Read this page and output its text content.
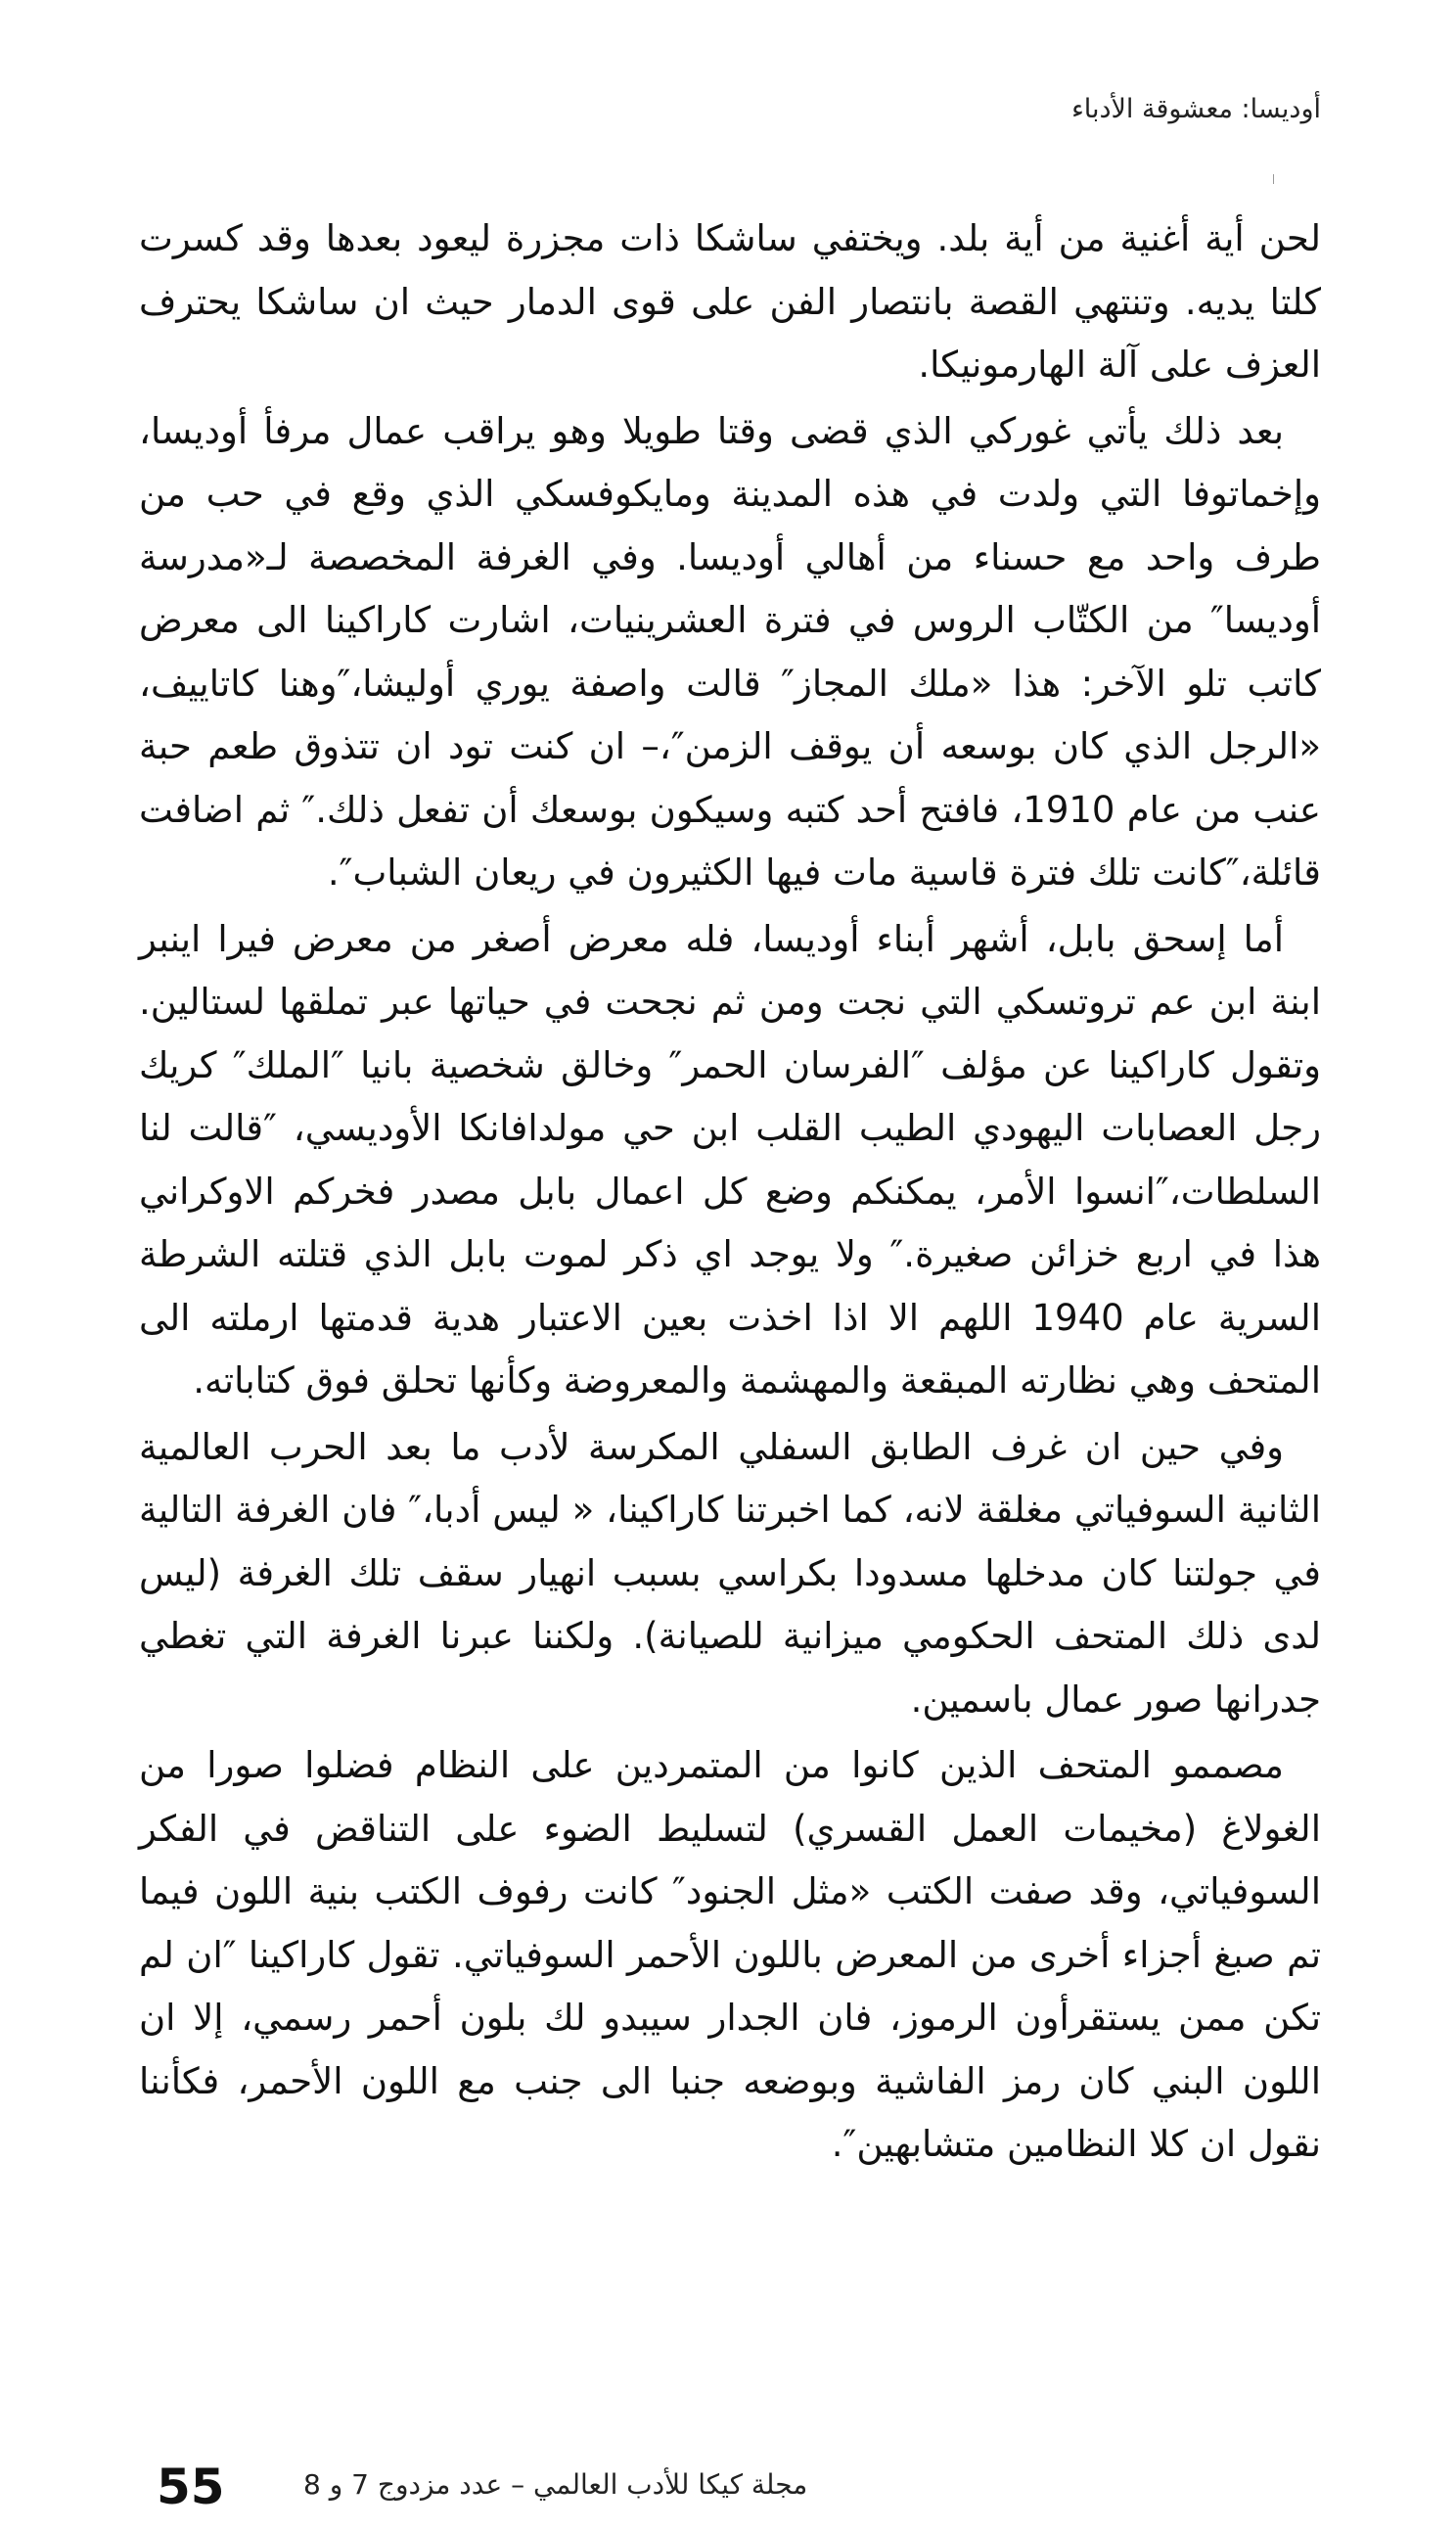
أوديسا: معشوقة الأدباء

لحن أية أغنية من أية بلد. ويختفي ساشكا ذات مجزرة ليعود بعدها وقد كسرت كلتا يديه. وتنتهي القصة بانتصار الفن على قوى الدمار حيث ان ساشكا يحترف العزف على آلة الهارمونيكا.

بعد ذلك يأتي غوركي الذي قضى وقتا طويلا وهو يراقب عمال مرفأ أوديسا، وإخماتوفا التي ولدت في هذه المدينة ومايكوفسكي الذي وقع في حب من طرف واحد مع حسناء من أهالي أوديسا. وفي الغرفة المخصصة لـ«مدرسة أوديسا″ من الكتّاب الروس في فترة العشرينيات، اشارت كاراكينا الى معرض كاتب تلو الآخر: هذا «ملك المجاز″ قالت واصفة يوري أوليشا،″وهنا كاتاييف، «الرجل الذي كان بوسعه أن يوقف الزمن″،– ان كنت تود ان تتذوق طعم حبة عنب من عام 1910، فافتح أحد كتبه وسيكون بوسعك أن تفعل ذلك.″ ثم اضافت قائلة،″كانت تلك فترة قاسية مات فيها الكثيرون في ريعان الشباب″.

أما إسحق بابل، أشهر أبناء أوديسا، فله معرض أصغر من معرض فيرا اينبر ابنة ابن عم تروتسكي التي نجت ومن ثم نجحت في حياتها عبر تملقها لستالين. وتقول كاراكينا عن مؤلف ″الفرسان الحمر″ وخالق شخصية بانيا ″الملك″ كريك رجل العصابات اليهودي الطيب القلب ابن حي مولدافانكا الأوديسي، ″قالت لنا السلطات،″انسوا الأمر، يمكنكم وضع كل اعمال بابل مصدر فخركم الاوكراني هذا في اربع خزائن صغيرة.″ ولا يوجد اي ذكر لموت بابل الذي قتلته الشرطة السرية عام 1940 اللهم الا اذا اخذت بعين الاعتبار هدية قدمتها ارملته الى المتحف وهي نظارته المبقعة والمهشمة والمعروضة وكأنها تحلق فوق كتاباته.

وفي حين ان غرف الطابق السفلي المكرسة لأدب ما بعد الحرب العالمية الثانية السوفياتي مغلقة لانه، كما اخبرتنا كاراكينا، « ليس أدبا،″ فان الغرفة التالية في جولتنا كان مدخلها مسدودا بكراسي بسبب انهيار سقف تلك الغرفة (ليس لدى ذلك المتحف الحكومي ميزانية للصيانة). ولكننا عبرنا الغرفة التي تغطي جدرانها صور عمال باسمين.

مصممو المتحف الذين كانوا من المتمردين على النظام فضلوا صورا من الغولاغ (مخيمات العمل القسري) لتسليط الضوء على التناقض في الفكر السوفياتي، وقد صفت الكتب «مثل الجنود″ كانت رفوف الكتب بنية اللون فيما تم صبغ أجزاء أخرى من المعرض باللون الأحمر السوفياتي. تقول كاراكينا ″ان لم تكن ممن يستقرأون الرموز، فان الجدار سيبدو لك بلون أحمر رسمي، إلا ان اللون البني كان رمز الفاشية وبوضعه جنبا الى جنب مع اللون الأحمر، فكأننا نقول ان كلا النظامين متشابهين″.

55	مجلة كيكا للأدب العالمي – عدد مزدوج 7 و 8
